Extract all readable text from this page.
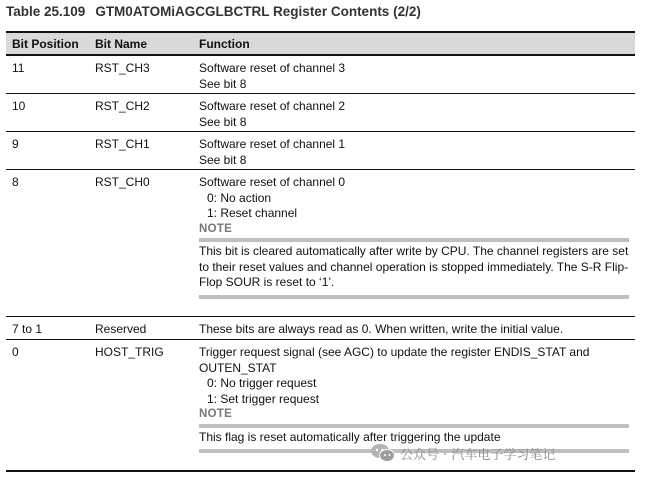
Table 25.109 GTM0ATOMiAGCGLBCTRL Register Contents (2/2)
Bit Position Bit Name	Function
11	RST_CH3	Software reset of channel 3
See bit 8
10	RST_CH2	Software reset of channel 2
See bit 8
9	RST_CH1	Software reset of channel 1
See bit 8
8	RST_CH0	Software reset of channel 0
0: No action
1: Reset channel
NOTE
This bit is cleared automatically after write by CPU. The channel registers are set to their reset values and channel operation is stopped immediately. The S-R Flip-Flop SOUR is reset to ‘1’.
7 to 1	Reserved	These bits are always read as 0. When written, write the initial value.
0	HOST_TRIG	Trigger request signal (see AGC) to update the register ENDIS_STAT and
OUTEN_STAT
0: No trigger request
1: Set trigger request
NOTE
This flag is reset automatically after triggering the update
公众号 · 汽车电子学习笔记
